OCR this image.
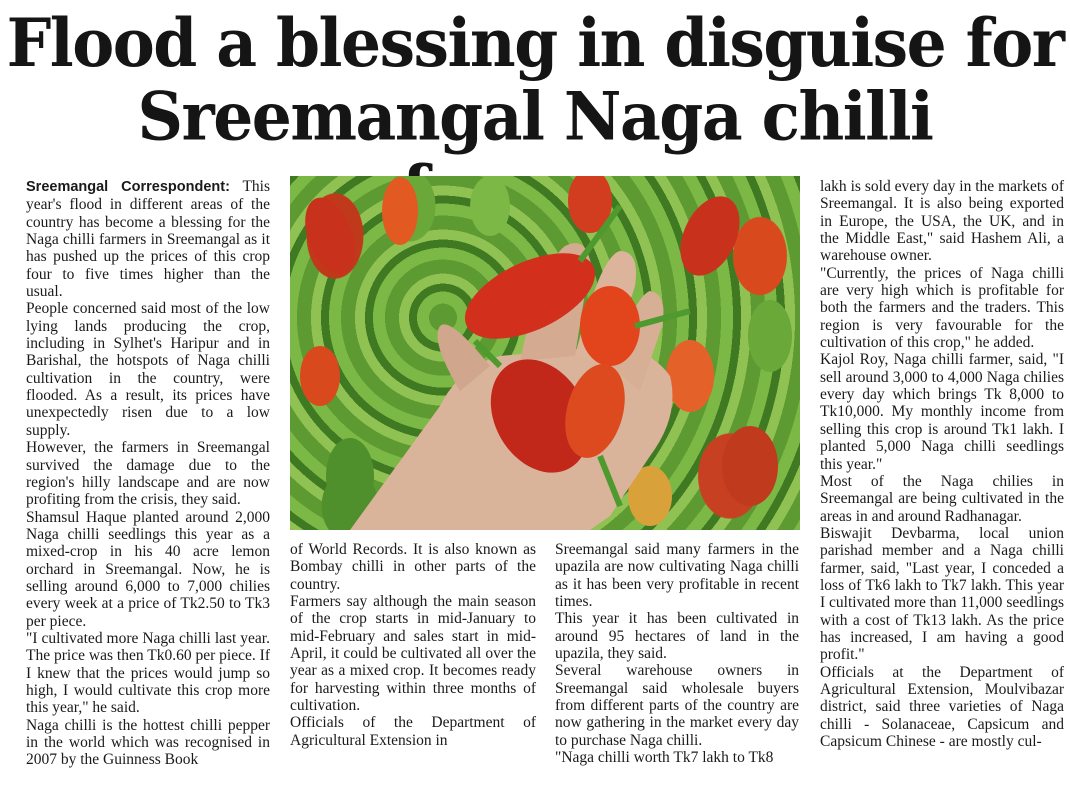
Flood a blessing in disguise for
Sreemangal Naga chilli

Sreemangal Correspondent: This year's flood in different areas of the country has become a blessing for the Naga chilli farmers in Sreemangal as it has pushed up the prices of this crop four to five times higher than the usual.

People concerned said most of the low lying lands producing the crop, including in Sylhet's Haripur and in Barishal, the hotspots of Naga chilli cultivation in the country, were flooded. As a result, its prices have unexpectedly risen due to a low supply.

However, the farmers in Sreemangal survived the damage due to the region's hilly landscape and are now profiting from the crisis, they said.

Shamsul Haque planted around 2,000 Naga chilli seedlings this year as a mixed-crop in his 40 acre lemon orchard in Sreemangal. Now, he is selling around 6,000 to 7,000 chilies every week at a price of Tk2.50 to Tk3 per piece.

"I cultivated more Naga chilli last year. The price was then Tk0.60 per piece. If I knew that the prices would jump so high, I would cultivate this crop more this year," he said.

Naga chilli is the hottest chilli pepper in the world which was recognised in 2007 by the Guinness Book

of World Records. It is also known as Bombay chilli in other parts of the country.

Farmers say although the main season of the crop starts in mid-January to mid-February and sales start in mid-April, it could be cultivated all over the year as a mixed crop. It becomes ready for harvesting within three months of cultivation.

Officials of the Department of Agricultural Extension in

Sreemangal said many farmers in the upazila are now cultivating Naga chilli as it has been very profitable in recent times.

This year it has been cultivated in around 95 hectares of land in the upazila, they said.

Several warehouse owners in Sreemangal said wholesale buyers from different parts of the country are now gathering in the market every day to purchase Naga chilli.

"Naga chilli worth Tk7 lakh to Tk8

lakh is sold every day in the markets of Sreemangal. It is also being exported in Europe, the USA, the UK, and in the Middle East," said Hashem Ali, a warehouse owner.

"Currently, the prices of Naga chilli are very high which is profitable for both the farmers and the traders. This region is very favourable for the cultivation of this crop," he added.

Kajol Roy, Naga chilli farmer, said, "I sell around 3,000 to 4,000 Naga chilies every day which brings Tk 8,000 to Tk10,000. My monthly income from selling this crop is around Tk1 lakh. I planted 5,000 Naga chilli seedlings this year."

Most of the Naga chilies in Sreemangal are being cultivated in the areas in and around Radhanagar.

Biswajit Devbarma, local union parishad member and a Naga chilli farmer, said, "Last year, I conceded a loss of Tk6 lakh to Tk7 lakh. This year I cultivated more than 11,000 seedlings with a cost of Tk13 lakh. As the price has increased, I am having a good profit."

Officials at the Department of Agricultural Extension, Moulvibazar district, said three varieties of Naga chilli - Solanaceae, Capsicum and Capsicum Chinese - are mostly cul-
